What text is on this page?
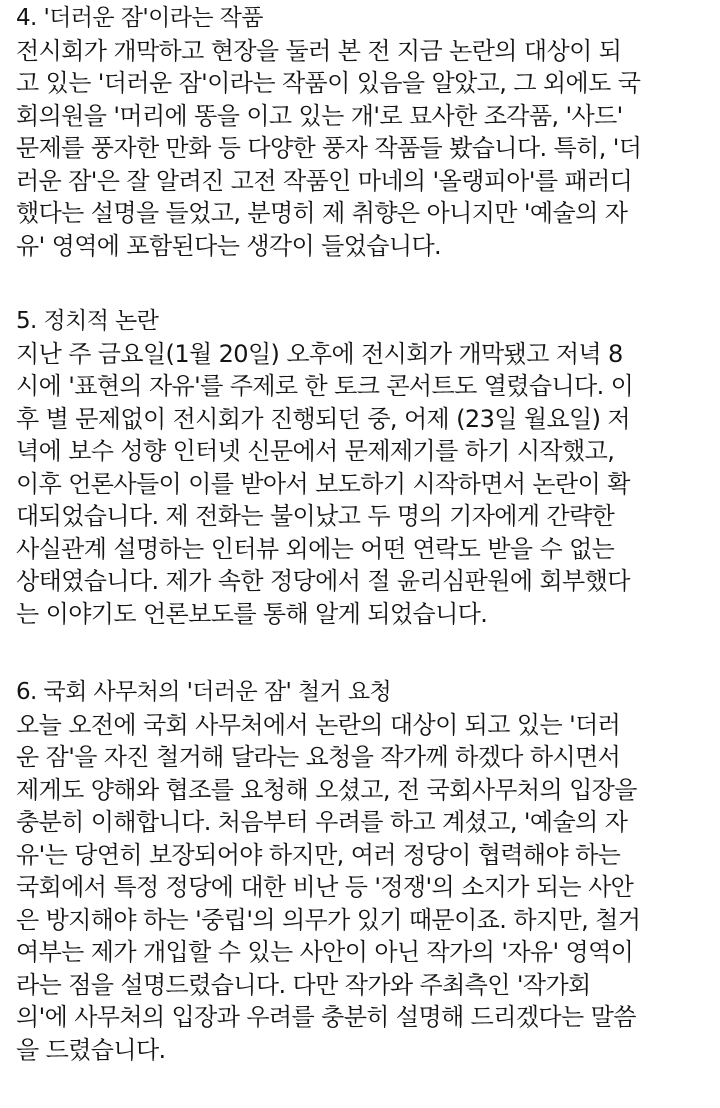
4. '더러운 잠'이라는 작품
전시회가 개막하고 현장을 둘러 본 전 지금 논란의 대상이 되
고 있는 '더러운 잠'이라는 작품이 있음을 알았고, 그 외에도 국
회의원을 '머리에 똥을 이고 있는 개'로 묘사한 조각품, '사드'
문제를 풍자한 만화 등 다양한 풍자 작품들 봤습니다. 특히, '더
러운 잠'은 잘 알려진 고전 작품인 마네의 '올랭피아'를 패러디
했다는 설명을 들었고, 분명히 제 취향은 아니지만 '예술의 자
유' 영역에 포함된다는 생각이 들었습니다.
5. 정치적 논란
지난 주 금요일(1월 20일) 오후에 전시회가 개막됐고 저녁 8
시에 '표현의 자유'를 주제로 한 토크 콘서트도 열렸습니다. 이
후 별 문제없이 전시회가 진행되던 중, 어제 (23일 월요일) 저
녁에 보수 성향 인터넷 신문에서 문제제기를 하기 시작했고,
이후 언론사들이 이를 받아서 보도하기 시작하면서 논란이 확
대되었습니다. 제 전화는 불이났고 두 명의 기자에게 간략한
사실관계 설명하는 인터뷰 외에는 어떤 연락도 받을 수 없는
상태였습니다. 제가 속한 정당에서 절 윤리심판원에 회부했다
는 이야기도 언론보도를 통해 알게 되었습니다.
6. 국회 사무처의 '더러운 잠' 철거 요청
오늘 오전에 국회 사무처에서 논란의 대상이 되고 있는 '더러
운 잠'을 자진 철거해 달라는 요청을 작가께 하겠다 하시면서
제게도 양해와 협조를 요청해 오셨고, 전 국회사무처의 입장을
충분히 이해합니다. 처음부터 우려를 하고 계셨고, '예술의 자
유'는 당연히 보장되어야 하지만, 여러 정당이 협력해야 하는
국회에서 특정 정당에 대한 비난 등 '정쟁'의 소지가 되는 사안
은 방지해야 하는 '중립'의 의무가 있기 때문이죠. 하지만, 철거
여부는 제가 개입할 수 있는 사안이 아닌 작가의 '자유' 영역이
라는 점을 설명드렸습니다. 다만 작가와 주최측인 '작가회
의'에 사무처의 입장과 우려를 충분히 설명해 드리겠다는 말씀
을 드렸습니다.
